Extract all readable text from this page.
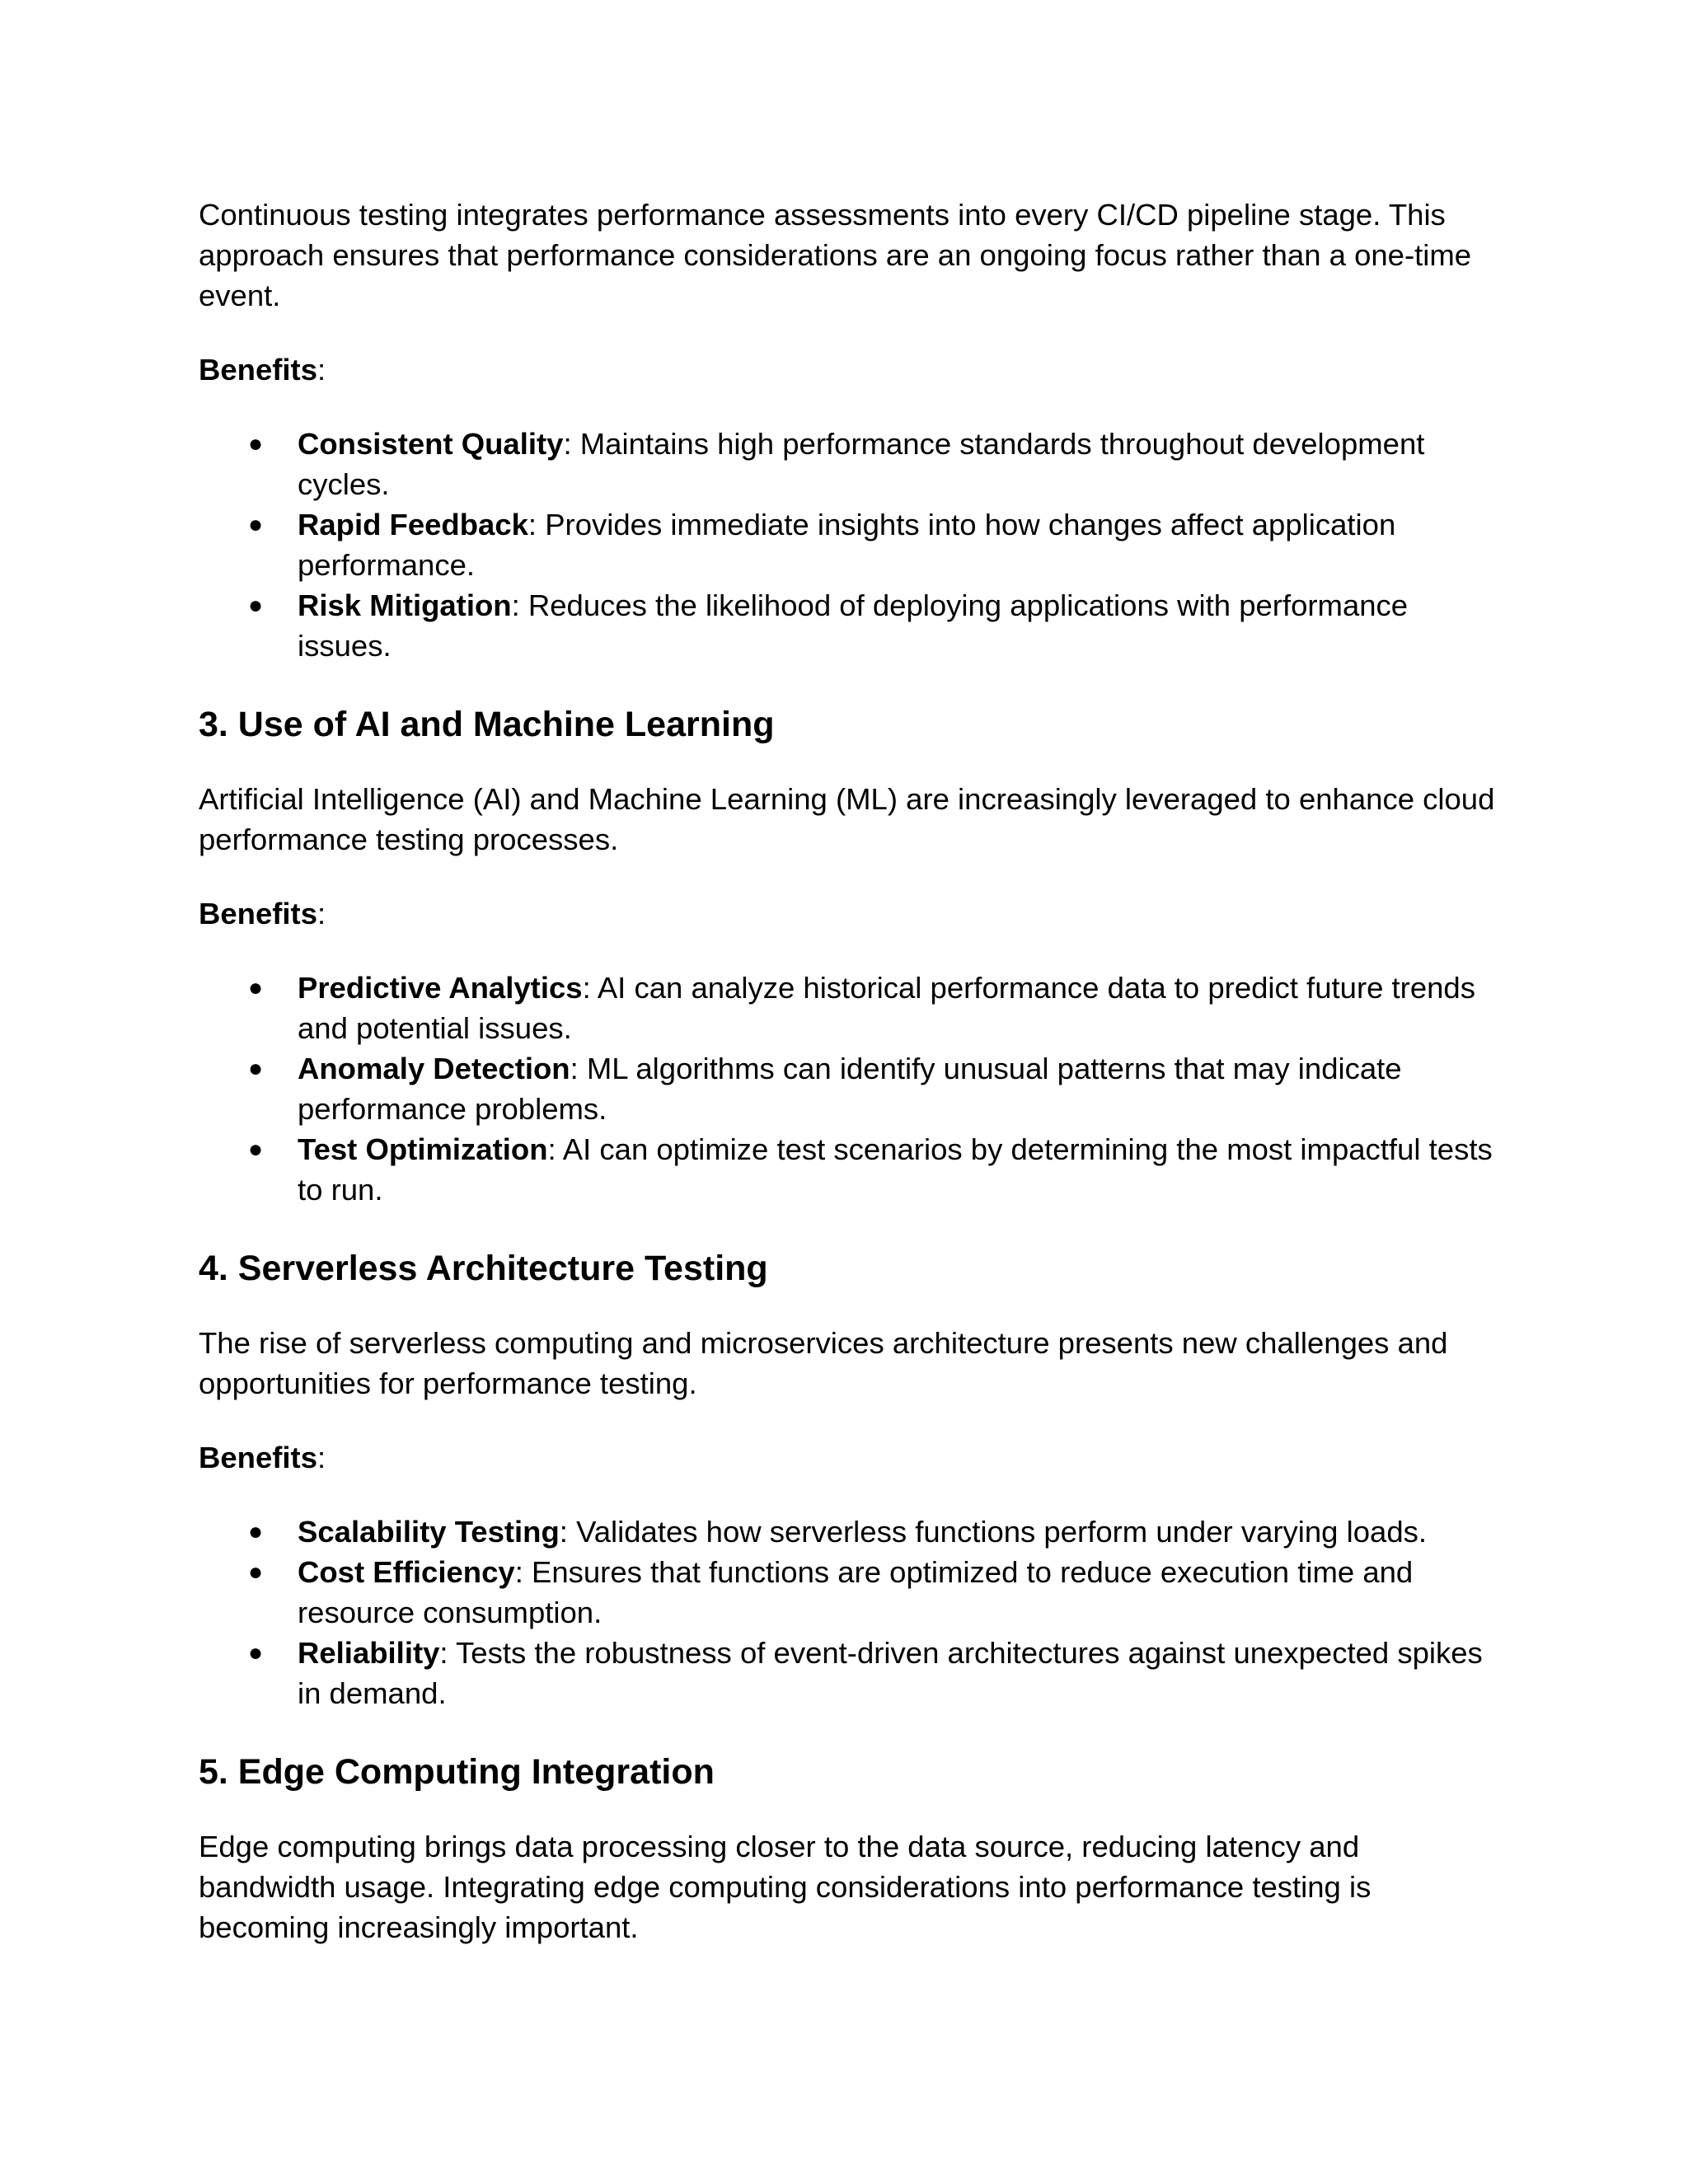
Continuous testing integrates performance assessments into every CI/CD pipeline stage. This approach ensures that performance considerations are an ongoing focus rather than a one-time event.

Benefits:

●	Consistent Quality: Maintains high performance standards throughout development cycles.
●	Rapid Feedback: Provides immediate insights into how changes affect application performance.
●	Risk Mitigation: Reduces the likelihood of deploying applications with performance issues.
3. Use of AI and Machine Learning

Artificial Intelligence (AI) and Machine Learning (ML) are increasingly leveraged to enhance cloud performance testing processes.

Benefits:

●	Predictive Analytics: AI can analyze historical performance data to predict future trends and potential issues.
●	Anomaly Detection: ML algorithms can identify unusual patterns that may indicate performance problems.
●	Test Optimization: AI can optimize test scenarios by determining the most impactful tests to run.
4. Serverless Architecture Testing

The rise of serverless computing and microservices architecture presents new challenges and opportunities for performance testing.

Benefits:

●	Scalability Testing: Validates how serverless functions perform under varying loads.
●	Cost Efficiency: Ensures that functions are optimized to reduce execution time and resource consumption.
●	Reliability: Tests the robustness of event-driven architectures against unexpected spikes in demand.
5. Edge Computing Integration

Edge computing brings data processing closer to the data source, reducing latency and bandwidth usage. Integrating edge computing considerations into performance testing is becoming increasingly important.
